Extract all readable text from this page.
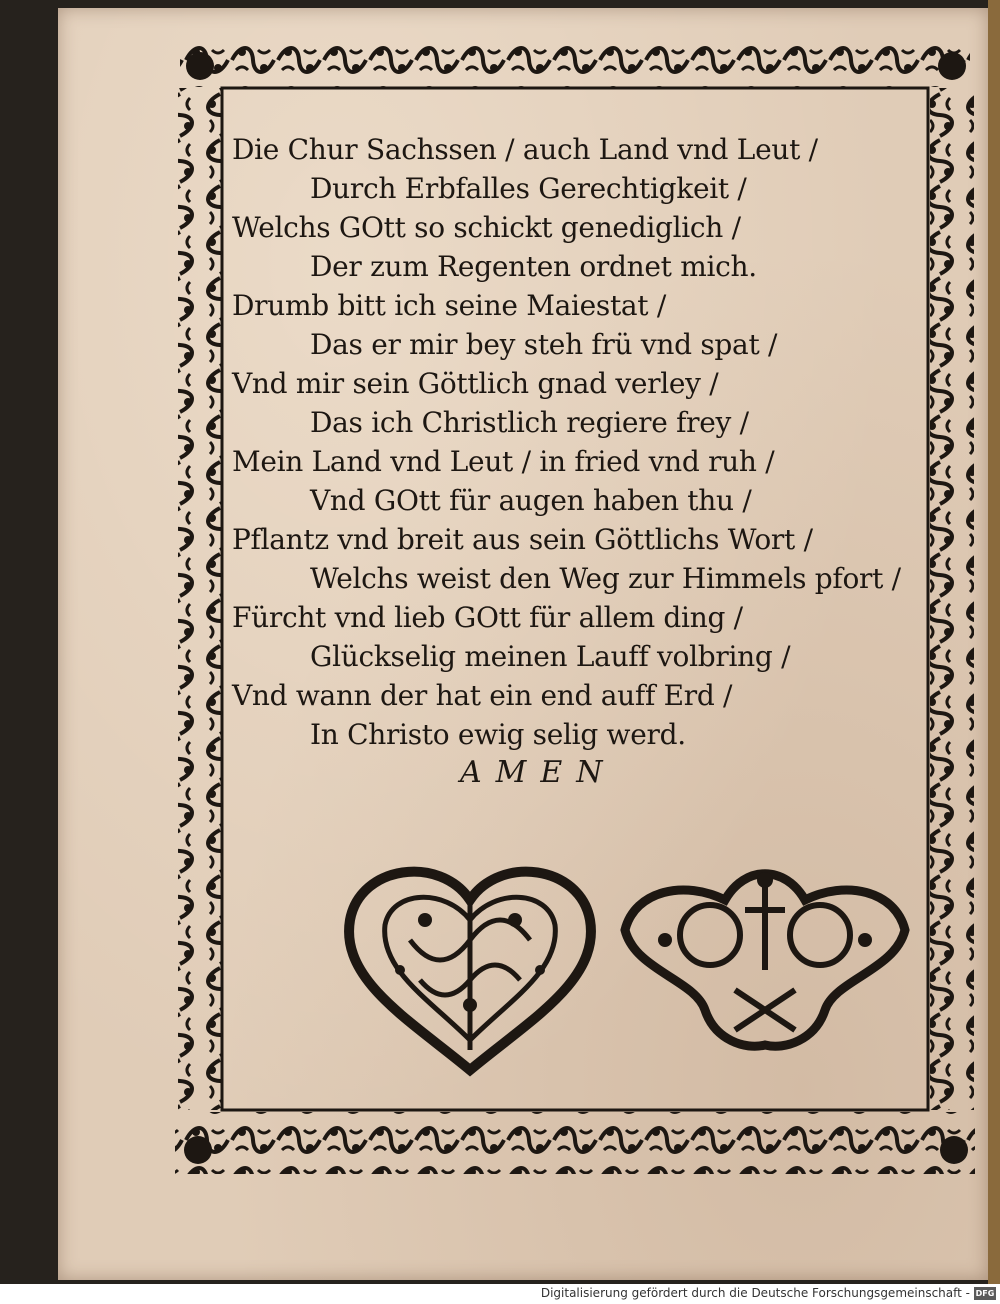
Die Chur Sachssen / auch Land vnd Leut /
Durch Erbfalles Gerechtigkeit /
Welchs GOtt so schickt genediglich /
Der zum Regenten ordnet mich.
Drumb bitt ich seine Maiestat /
Das er mir bey steh frü vnd spat /
Vnd mir sein Göttlich gnad verley /
Das ich Christlich regiere frey /
Mein Land vnd Leut / in fried vnd ruh /
Vnd GOtt für augen haben thu /
Pflantz vnd breit aus sein Göttlichs Wort /
Welchs weist den Weg zur Himmels pfort /
Fürcht vnd lieb GOtt für allem ding /
Glückselig meinen Lauff volbring /
Vnd wann der hat ein end auff Erd /
In Christo ewig selig werd.
AMEN
Digitalisierung gefördert durch die Deutsche Forschungsgemeinschaft - DFG
